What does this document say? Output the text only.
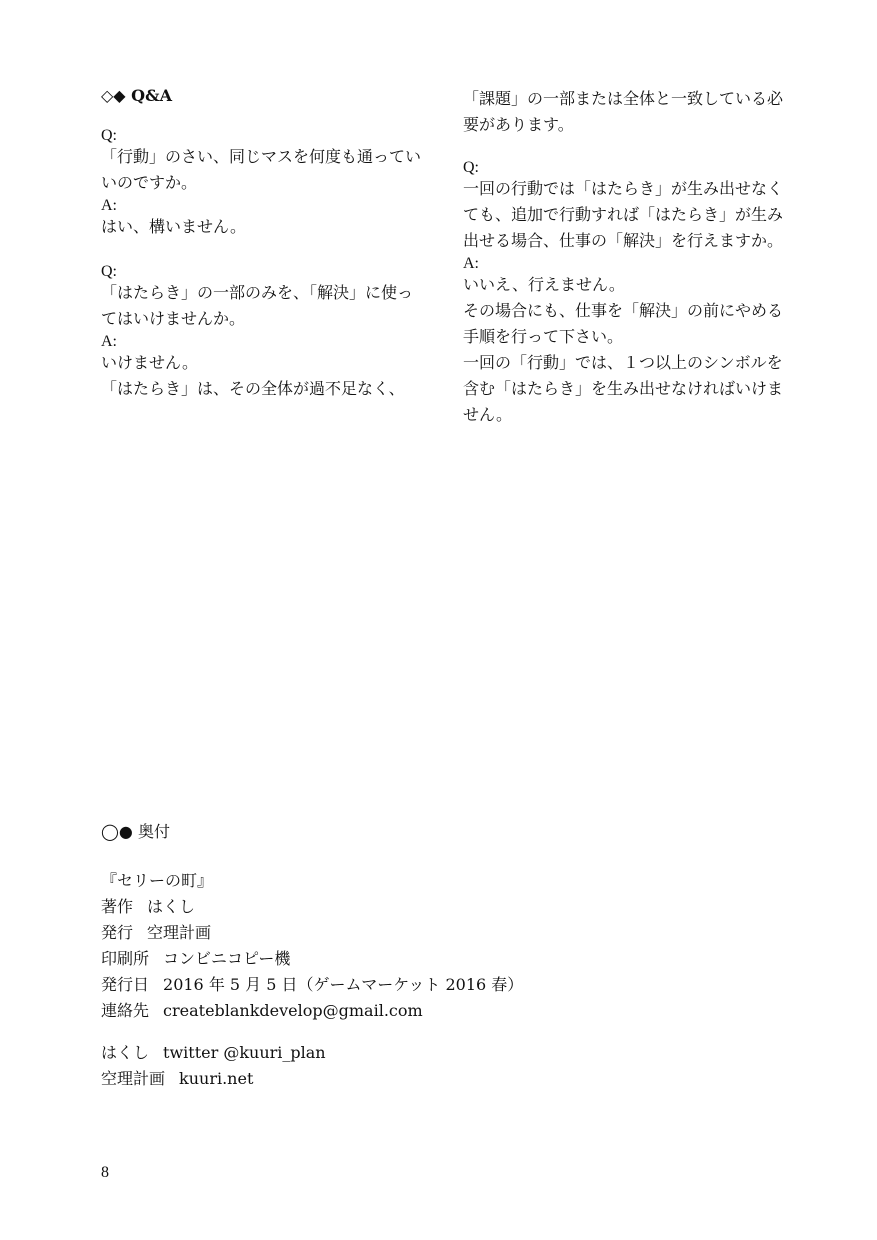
◇◆ Q&A
Q:
「行動」のさい、同じマスを何度も通ってい
いのですか。
A:
はい、構いません。
Q:
「はたらき」の一部のみを、「解決」に使っ
てはいけませんか。
A:
いけません。
「はたらき」は、その全体が過不足なく、
「課題」の一部または全体と一致している必
要があります。
Q:
一回の行動では「はたらき」が生み出せなく
ても、追加で行動すれば「はたらき」が生み
出せる場合、仕事の「解決」を行えますか。
A:
いいえ、行えません。
その場合にも、仕事を「解決」の前にやめる
手順を行って下さい。
一回の「行動」では、１つ以上のシンボルを
含む「はたらき」を生み出せなければいけま
せん。
◯● 奥付
『セリーの町』
著作 はくし
発行 空理計画
印刷所 コンビニコピー機
発行日 2016 年 5 月 5 日（ゲームマーケット 2016 春）
連絡先 createblankdevelop@gmail.com
はくし twitter @kuuri_plan
空理計画 kuuri.net
8
